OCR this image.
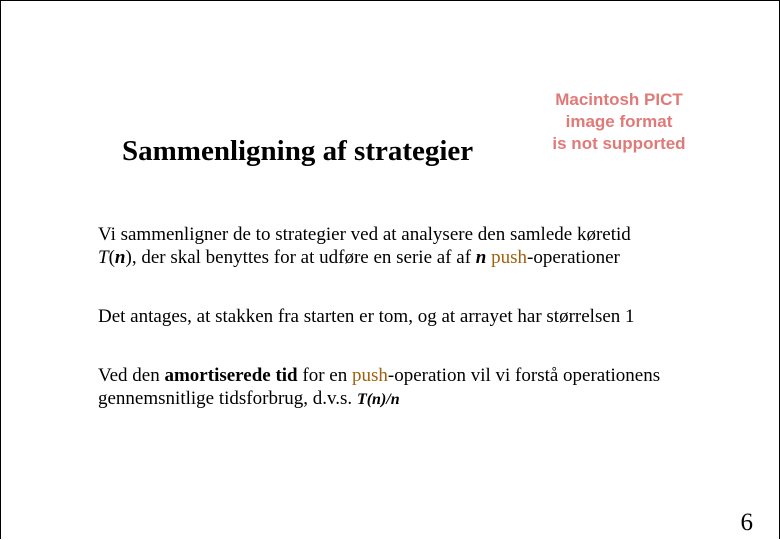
Sammenligning af strategier
Macintosh PICT
image format
is not supported
Vi sammenligner de to strategier ved at analysere den samlede køretid
T(n), der skal benyttes for at udføre en serie af af n push-operationer
Det antages, at stakken fra starten er tom, og at arrayet har størrelsen 1
Ved den amortiserede tid for en push-operation vil vi forstå operationens gennemsnitlige tidsforbrug, d.v.s. T(n)/n
6
